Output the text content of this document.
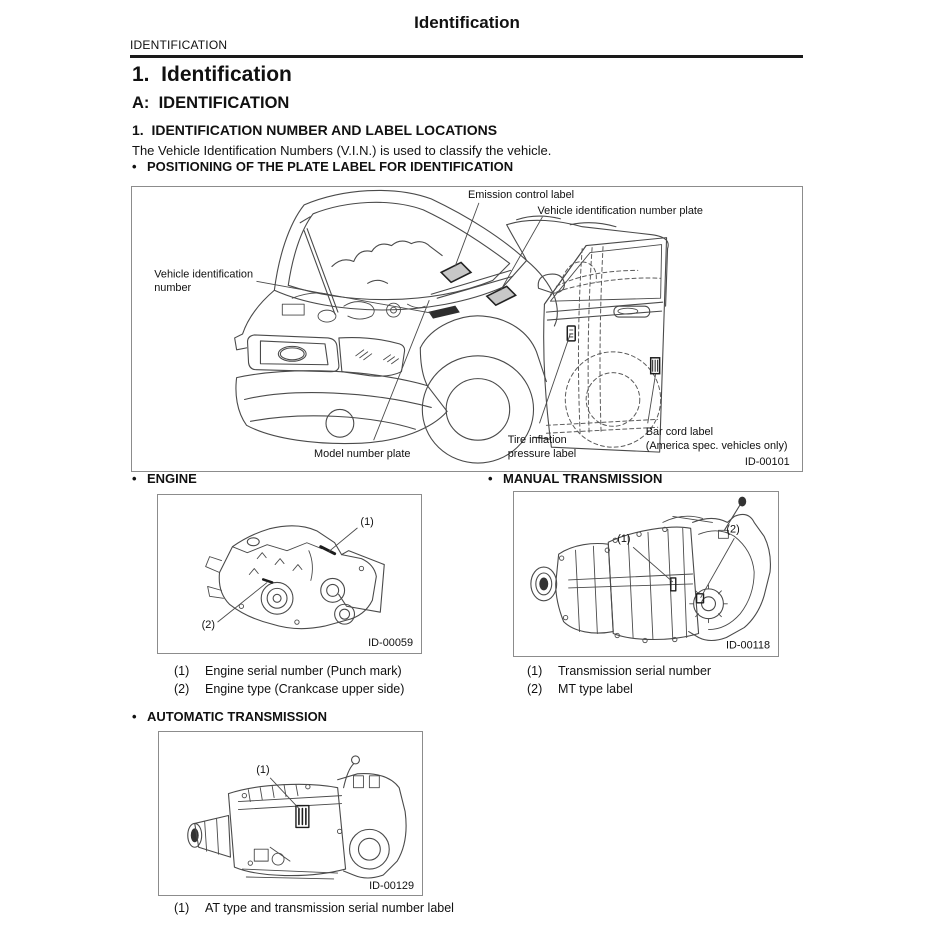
Identification
IDENTIFICATION
1.  Identification
A:  IDENTIFICATION
1.  IDENTIFICATION NUMBER AND LABEL LOCATIONS
The Vehicle Identification Numbers (V.I.N.) is used to classify the vehicle.
• POSITIONING OF THE PLATE LABEL FOR IDENTIFICATION
Emission control label
Vehicle identification number plate
Vehicle identification
number
Model number plate
Tire inflation
pressure label
Bar cord label
(America spec. vehicles only)
ID-00101
• ENGINE
(1)
(2)
ID-00059
(1) Engine serial number (Punch mark)
(2) Engine type (Crankcase upper side)
• MANUAL TRANSMISSION
(1)
(2)
ID-00118
(1) Transmission serial number
(2) MT type label
• AUTOMATIC TRANSMISSION
(1)
ID-00129
(1) AT type and transmission serial number label
